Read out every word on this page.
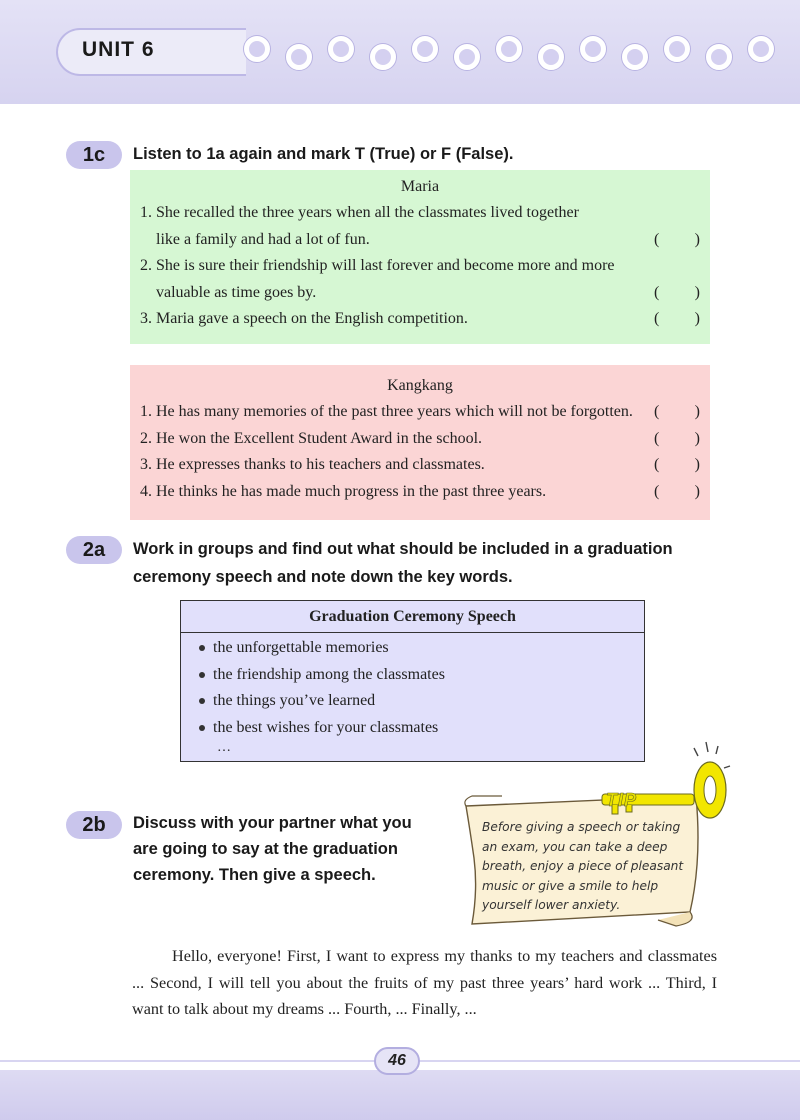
UNIT 6
1c	Listen to 1a again and mark T (True) or F (False).
Maria
1. She recalled the three years when all the classmates lived together
like a family and had a lot of fun.	( )
2. She is sure their friendship will last forever and become more and more
valuable as time goes by.	( )
3. Maria gave a speech on the English competition.	( )
Kangkang
1. He has many memories of the past three years which will not be forgotten. ( )
2. He won the Excellent Student Award in the school.	( )
3. He expresses thanks to his teachers and classmates.	( )
4. He thinks he has made much progress in the past three years.	( )
2a	Work in groups and find out what should be included in a graduation
ceremony speech and note down the key words.
Graduation Ceremony Speech
the unforgettable memories
the friendship among the classmates
the things you’ve learned
the best wishes for your classmates
…
2b	Discuss with your partner what you
are going to say at the graduation
ceremony. Then give a speech.
TIP
Before giving a speech or taking
an exam, you can take a deep
breath, enjoy a piece of pleasant
music or give a smile to help
yourself lower anxiety.
Hello, everyone! First, I want to express my thanks to my teachers and classmates ... Second, I will tell you about the fruits of my past three years’ hard work ... Third, I want to talk about my dreams ... Fourth, ... Finally, ...
46
